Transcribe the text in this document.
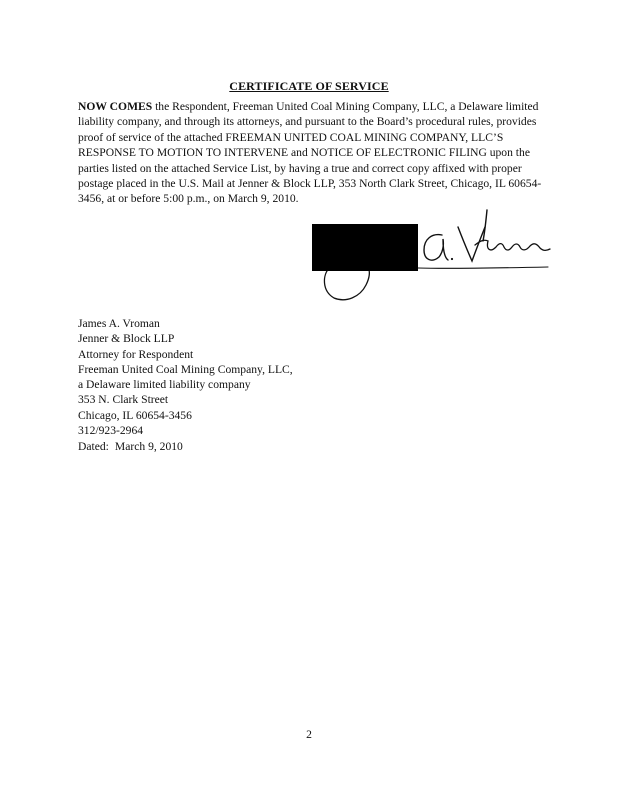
CERTIFICATE OF SERVICE

NOW COMES the Respondent, Freeman United Coal Mining Company, LLC, a Delaware limited liability company, and through its attorneys, and pursuant to the Board’s procedural rules, provides proof of service of the attached FREEMAN UNITED COAL MINING COMPANY, LLC’S RESPONSE TO MOTION TO INTERVENE and NOTICE OF ELECTRONIC FILING upon the parties listed on the attached Service List, by having a true and correct copy affixed with proper postage placed in the U.S. Mail at Jenner & Block LLP, 353 North Clark Street, Chicago, IL 60654-3456, at or before 5:00 p.m., on March 9, 2010.

James A. Vroman
Jenner & Block LLP
Attorney for Respondent
Freeman United Coal Mining Company, LLC,
a Delaware limited liability company
353 N. Clark Street
Chicago, IL 60654-3456
312/923-2964
Dated: March 9, 2010
2
